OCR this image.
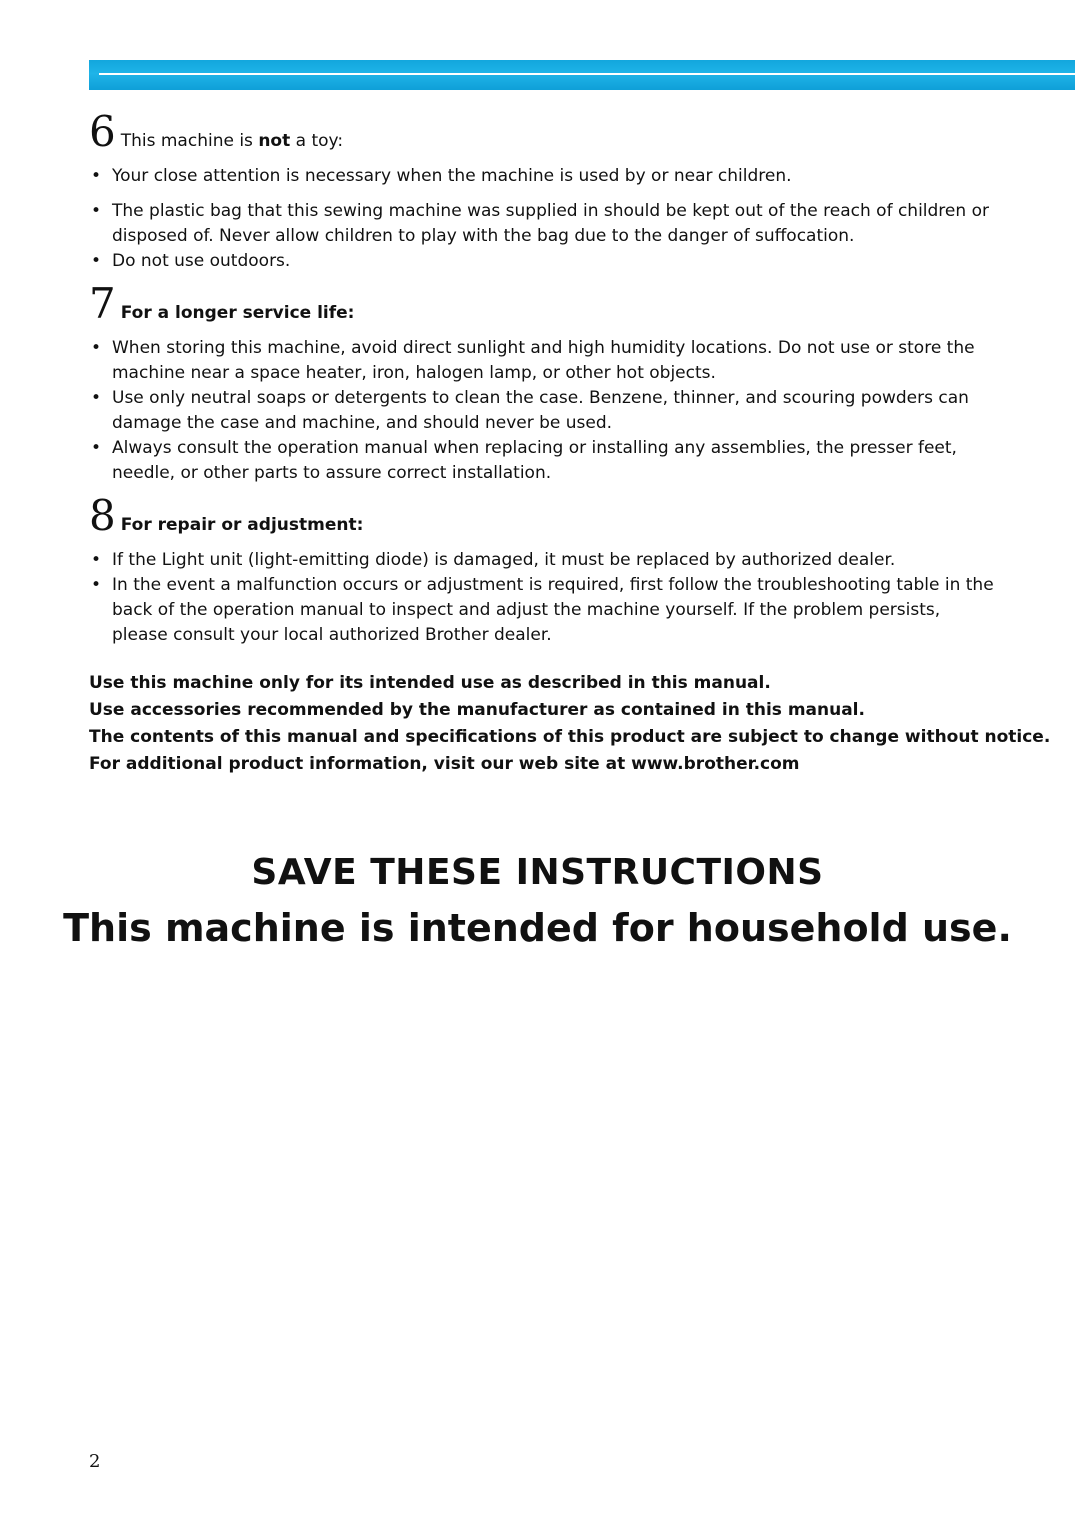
6 This machine is not a toy:
• Your close attention is necessary when the machine is used by or near children.
• The plastic bag that this sewing machine was supplied in should be kept out of the reach of children or disposed of. Never allow children to play with the bag due to the danger of suffocation.
• Do not use outdoors.
7 For a longer service life:
• When storing this machine, avoid direct sunlight and high humidity locations. Do not use or store the machine near a space heater, iron, halogen lamp, or other hot objects.
• Use only neutral soaps or detergents to clean the case. Benzene, thinner, and scouring powders can damage the case and machine, and should never be used.
• Always consult the operation manual when replacing or installing any assemblies, the presser feet, needle, or other parts to assure correct installation.
8 For repair or adjustment:
• If the Light unit (light-emitting diode) is damaged, it must be replaced by authorized dealer.
• In the event a malfunction occurs or adjustment is required, first follow the troubleshooting table in the back of the operation manual to inspect and adjust the machine yourself. If the problem persists, please consult your local authorized Brother dealer.
Use this machine only for its intended use as described in this manual.
Use accessories recommended by the manufacturer as contained in this manual.
The contents of this manual and specifications of this product are subject to change without notice.
For additional product information, visit our web site at www.brother.com
SAVE THESE INSTRUCTIONS
This machine is intended for household use.
2
